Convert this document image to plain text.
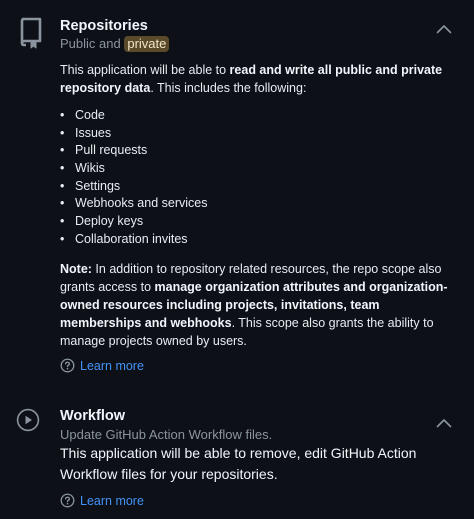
Repositories
Public and private
This application will be able to read and write all public and private repository data. This includes the following:
• Code
• Issues
• Pull requests
• Wikis
• Settings
• Webhooks and services
• Deploy keys
• Collaboration invites
Note: In addition to repository related resources, the repo scope also grants access to manage organization attributes and organization-owned resources including projects, invitations, team memberships and webhooks. This scope also grants the ability to manage projects owned by users.
Learn more
Workflow
Update GitHub Action Workflow files.
This application will be able to remove, edit GitHub Action Workflow files for your repositories.
Learn more
